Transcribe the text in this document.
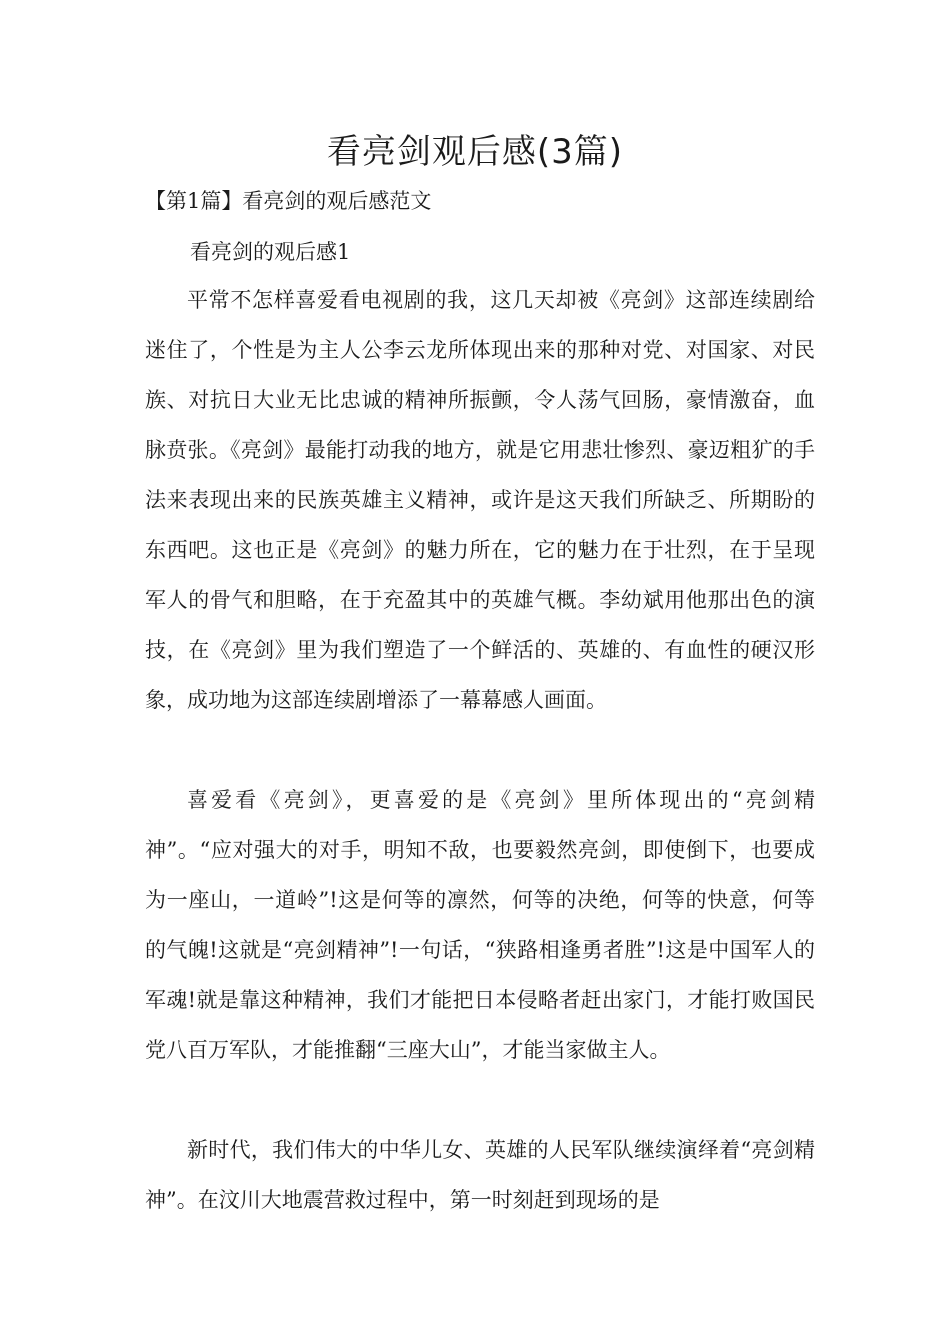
看亮剑观后感(3篇)

【第1篇】看亮剑的观后感范文

看亮剑的观后感1

平常不怎样喜爱看电视剧的我，这几天却被《亮剑》这部连续剧给迷住了，个性是为主人公李云龙所体现出来的那种对党、对国家、对民族、对抗日大业无比忠诚的精神所振颤，令人荡气回肠，豪情激奋，血脉贲张。《亮剑》最能打动我的地方，就是它用悲壮惨烈、豪迈粗犷的手法来表现出来的民族英雄主义精神，或许是这天我们所缺乏、所期盼的东西吧。这也正是《亮剑》的魅力所在，它的魅力在于壮烈，在于呈现军人的骨气和胆略，在于充盈其中的英雄气概。李幼斌用他那出色的演技，在《亮剑》里为我们塑造了一个鲜活的、英雄的、有血性的硬汉形象，成功地为这部连续剧增添了一幕幕感人画面。

喜爱看《亮剑》，更喜爱的是《亮剑》里所体现出的“亮剑精神”。“应对强大的对手，明知不敌，也要毅然亮剑，即使倒下，也要成为一座山，一道岭”!这是何等的凛然，何等的决绝，何等的快意，何等的气魄!这就是“亮剑精神”!一句话，“狭路相逢勇者胜”!这是中国军人的军魂!就是靠这种精神，我们才能把日本侵略者赶出家门，才能打败国民党八百万军队，才能推翻“三座大山”，才能当家做主人。

新时代，我们伟大的中华儿女、英雄的人民军队继续演绎着“亮剑精神”。在汶川大地震营救过程中，第一时刻赶到现场的是
